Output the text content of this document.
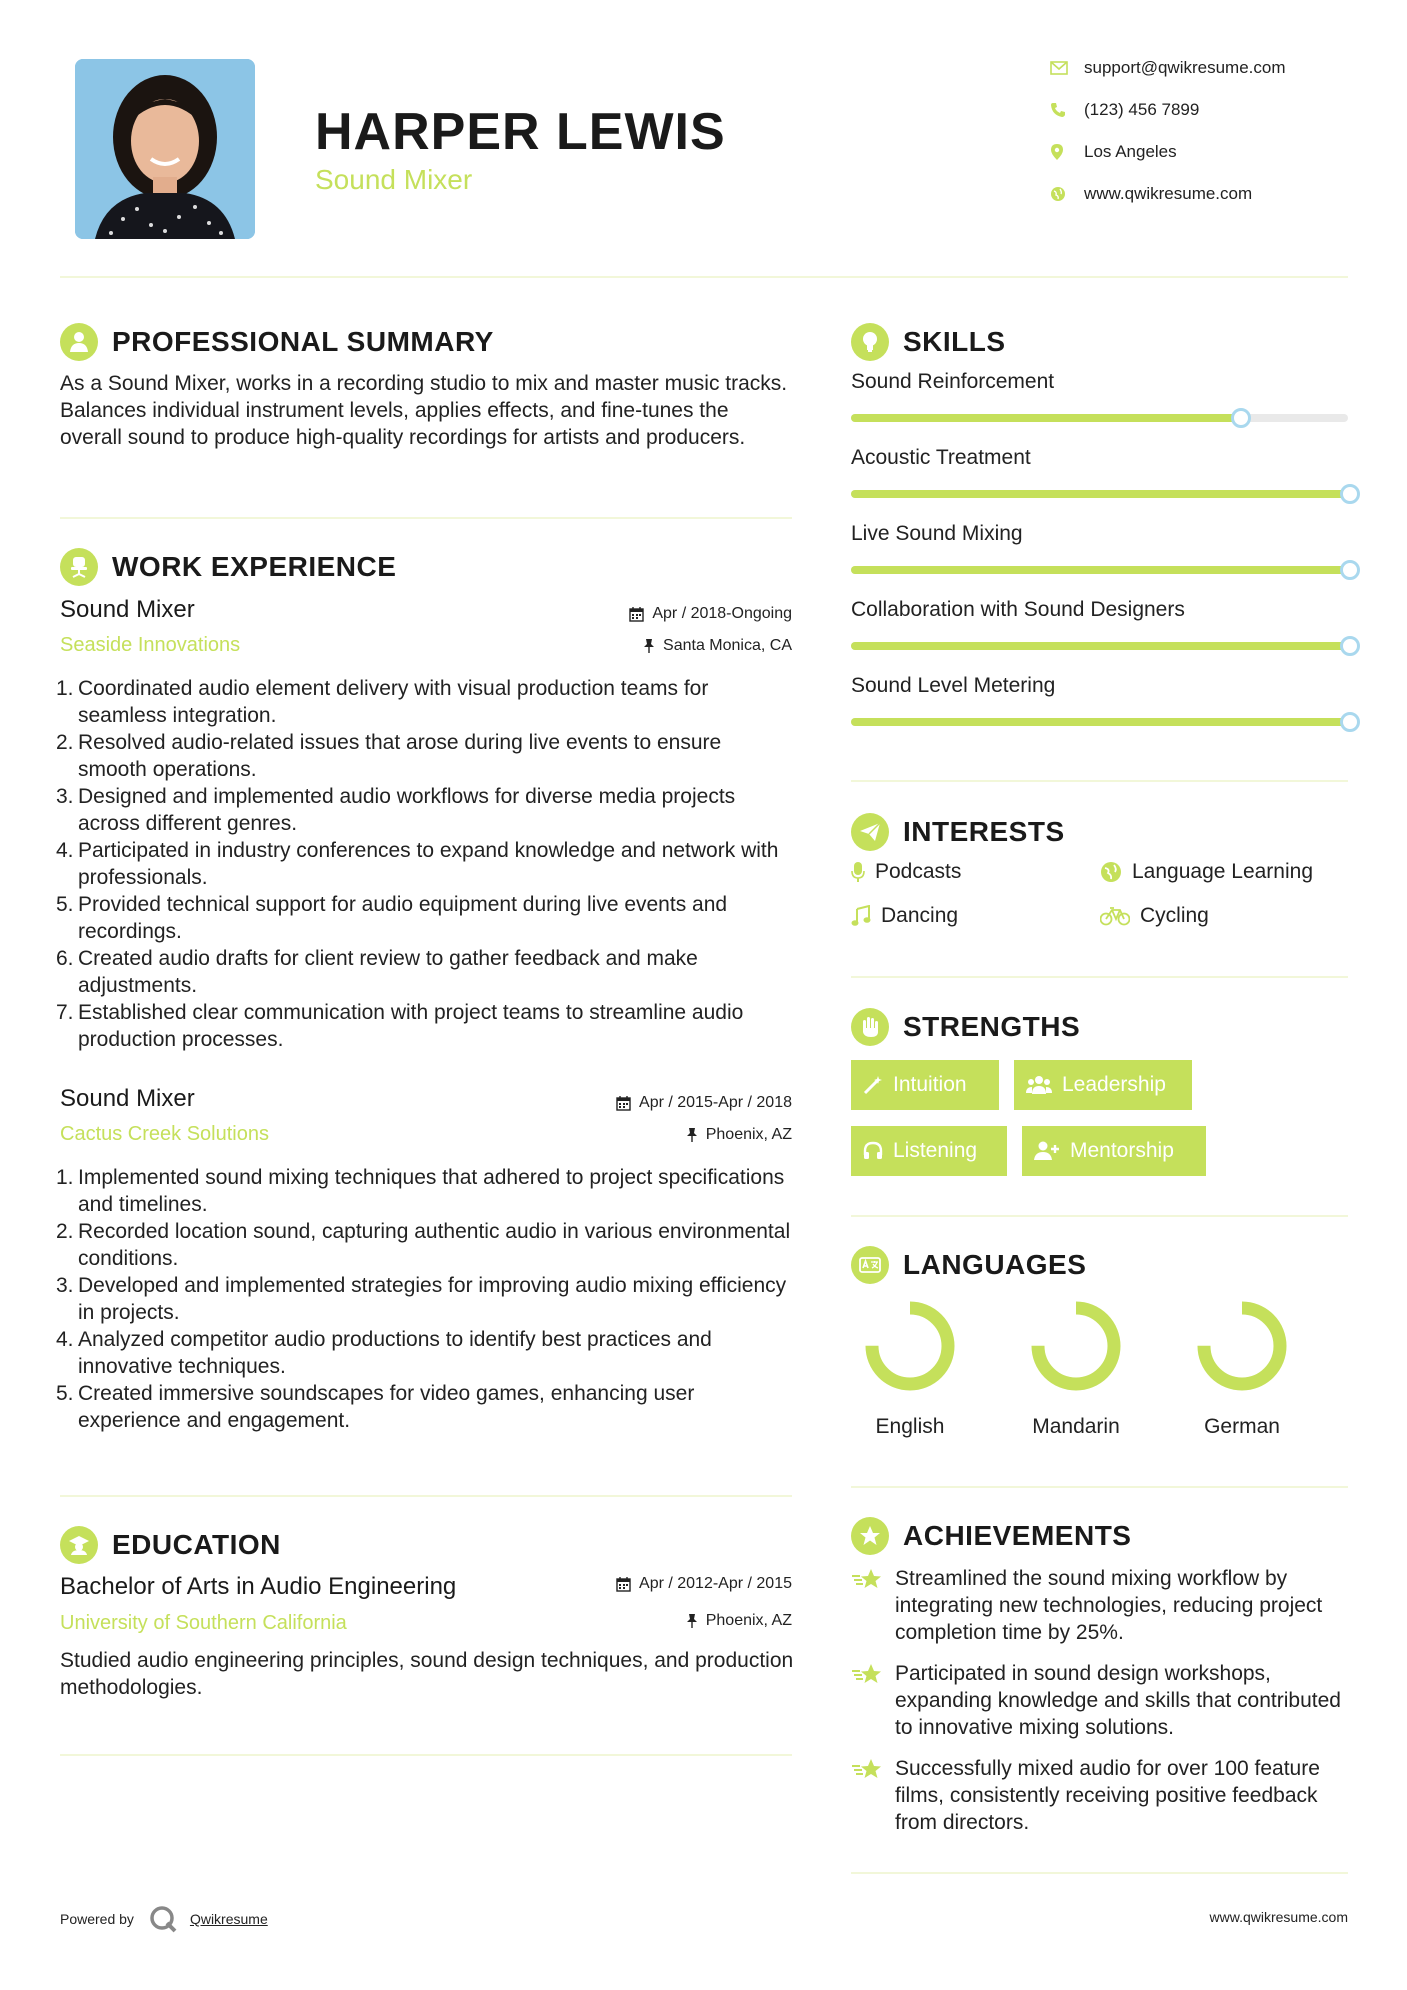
HARPER LEWIS
Sound Mixer
support@qwikresume.com
(123) 456 7899
Los Angeles
www.qwikresume.com
PROFESSIONAL SUMMARY
As a Sound Mixer, works in a recording studio to mix and master music tracks. Balances individual instrument levels, applies effects, and fine-tunes the overall sound to produce high-quality recordings for artists and producers.
WORK EXPERIENCE
Sound Mixer	Apr / 2018-Ongoing
Seaside Innovations	Santa Monica, CA
1. Coordinated audio element delivery with visual production teams for seamless integration.
2. Resolved audio-related issues that arose during live events to ensure smooth operations.
3. Designed and implemented audio workflows for diverse media projects across different genres.
4. Participated in industry conferences to expand knowledge and network with professionals.
5. Provided technical support for audio equipment during live events and recordings.
6. Created audio drafts for client review to gather feedback and make adjustments.
7. Established clear communication with project teams to streamline audio production processes.
Sound Mixer	Apr / 2015-Apr / 2018
Cactus Creek Solutions	Phoenix, AZ
1. Implemented sound mixing techniques that adhered to project specifications and timelines.
2. Recorded location sound, capturing authentic audio in various environmental conditions.
3. Developed and implemented strategies for improving audio mixing efficiency in projects.
4. Analyzed competitor audio productions to identify best practices and innovative techniques.
5. Created immersive soundscapes for video games, enhancing user experience and engagement.
EDUCATION
Bachelor of Arts in Audio Engineering	Apr / 2012-Apr / 2015
University of Southern California	Phoenix, AZ
Studied audio engineering principles, sound design techniques, and production methodologies.
SKILLS
Sound Reinforcement
Acoustic Treatment
Live Sound Mixing
Collaboration with Sound Designers
Sound Level Metering
INTERESTS
Podcasts	Language Learning
Dancing	Cycling
STRENGTHS
Intuition	Leadership
Listening	Mentorship
LANGUAGES
English	Mandarin	German
ACHIEVEMENTS
Streamlined the sound mixing workflow by integrating new technologies, reducing project completion time by 25%.
Participated in sound design workshops, expanding knowledge and skills that contributed to innovative mixing solutions.
Successfully mixed audio for over 100 feature films, consistently receiving positive feedback from directors.
Powered by	Qwikresume	www.qwikresume.com
